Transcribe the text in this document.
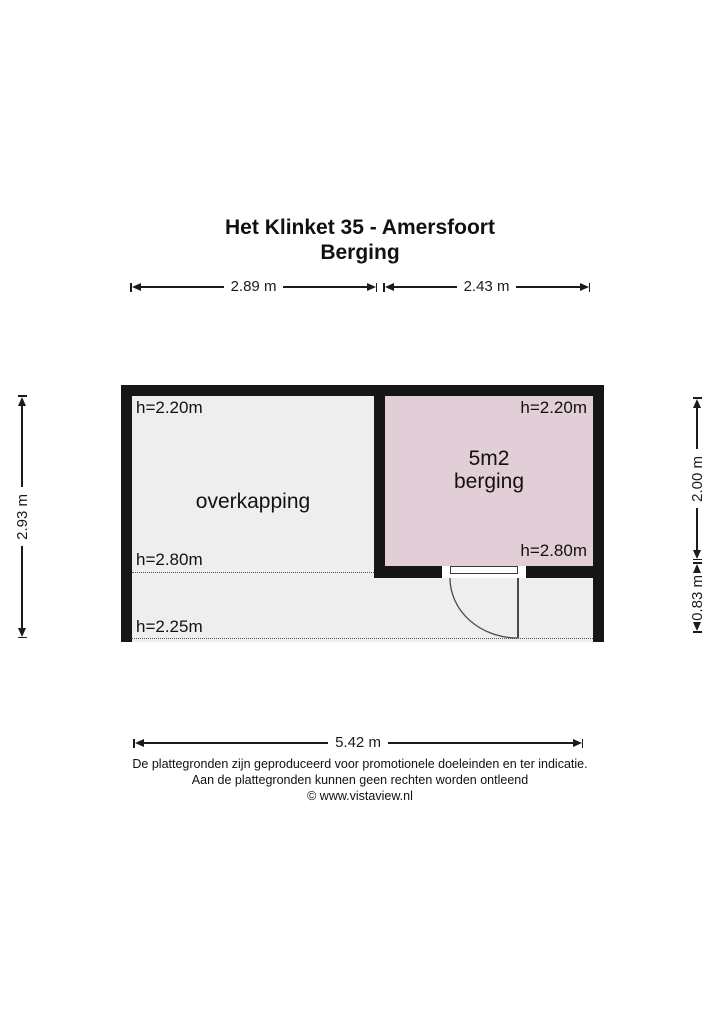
Het Klinket 35 - Amersfoort
Berging
2.89 m	2.43 m
2.93 m
2.00 m
0.83 m
h=2.20m
h=2.80m
h=2.25m
h=2.20m
h=2.80m
overkapping
5m2
berging
5.42 m
De plattegronden zijn geproduceerd voor promotionele doeleinden en ter indicatie.
Aan de plattegronden kunnen geen rechten worden ontleend
© www.vistaview.nl
